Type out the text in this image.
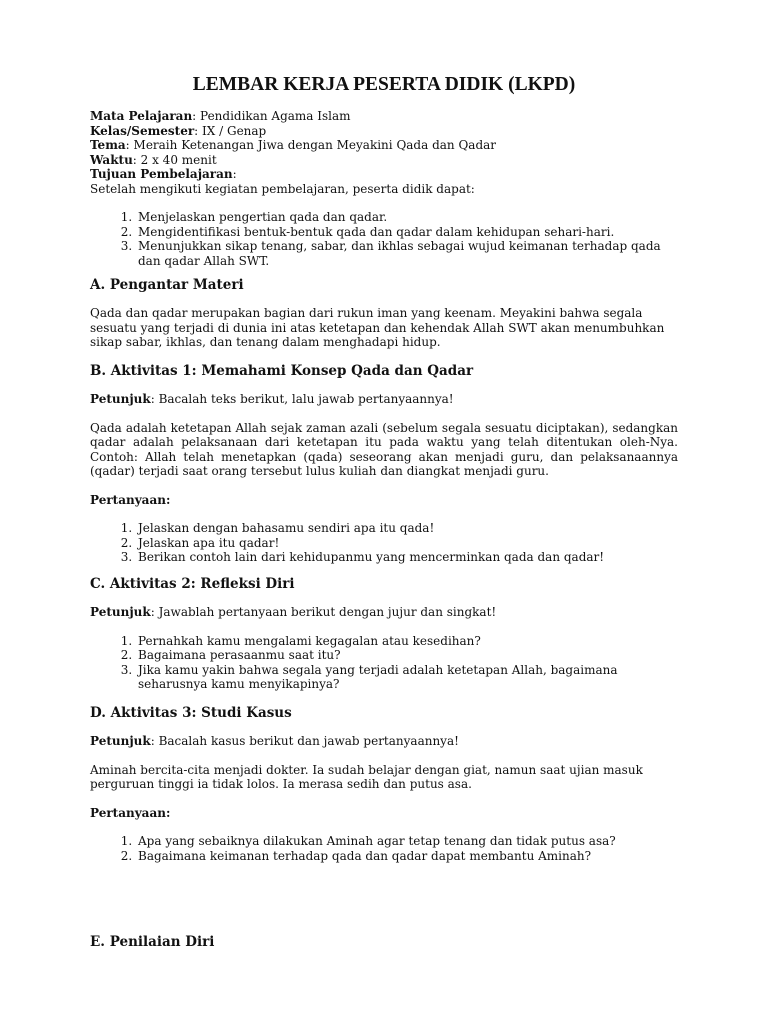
LEMBAR KERJA PESERTA DIDIK (LKPD)

Mata Pelajaran: Pendidikan Agama Islam

Kelas/Semester: IX / Genap

Tema: Meraih Ketenangan Jiwa dengan Meyakini Qada dan Qadar

Waktu: 2 x 40 menit

Tujuan Pembelajaran:

Setelah mengikuti kegiatan pembelajaran, peserta didik dapat:

1. Menjelaskan pengertian qada dan qadar.
2. Mengidentifikasi bentuk-bentuk qada dan qadar dalam kehidupan sehari-hari.
3. Menunjukkan sikap tenang, sabar, dan ikhlas sebagai wujud keimanan terhadap qada dan qadar Allah SWT.
A. Pengantar Materi

Qada dan qadar merupakan bagian dari rukun iman yang keenam. Meyakini bahwa segala sesuatu yang terjadi di dunia ini atas ketetapan dan kehendak Allah SWT akan menumbuhkan sikap sabar, ikhlas, dan tenang dalam menghadapi hidup.

B. Aktivitas 1: Memahami Konsep Qada dan Qadar

Petunjuk: Bacalah teks berikut, lalu jawab pertanyaannya!

Qada adalah ketetapan Allah sejak zaman azali (sebelum segala sesuatu diciptakan), sedangkan qadar adalah pelaksanaan dari ketetapan itu pada waktu yang telah ditentukan oleh-Nya. Contoh: Allah telah menetapkan (qada) seseorang akan menjadi guru, dan pelaksanaannya (qadar) terjadi saat orang tersebut lulus kuliah dan diangkat menjadi guru.

Pertanyaan:

1. Jelaskan dengan bahasamu sendiri apa itu qada!
2. Jelaskan apa itu qadar!
3. Berikan contoh lain dari kehidupanmu yang mencerminkan qada dan qadar!
C. Aktivitas 2: Refleksi Diri

Petunjuk: Jawablah pertanyaan berikut dengan jujur dan singkat!

1. Pernahkah kamu mengalami kegagalan atau kesedihan?
2. Bagaimana perasaanmu saat itu?
3. Jika kamu yakin bahwa segala yang terjadi adalah ketetapan Allah, bagaimana seharusnya kamu menyikapinya?
D. Aktivitas 3: Studi Kasus

Petunjuk: Bacalah kasus berikut dan jawab pertanyaannya!

Aminah bercita-cita menjadi dokter. Ia sudah belajar dengan giat, namun saat ujian masuk perguruan tinggi ia tidak lolos. Ia merasa sedih dan putus asa.

Pertanyaan:

1. Apa yang sebaiknya dilakukan Aminah agar tetap tenang dan tidak putus asa?
2. Bagaimana keimanan terhadap qada dan qadar dapat membantu Aminah?
E. Penilaian Diri
